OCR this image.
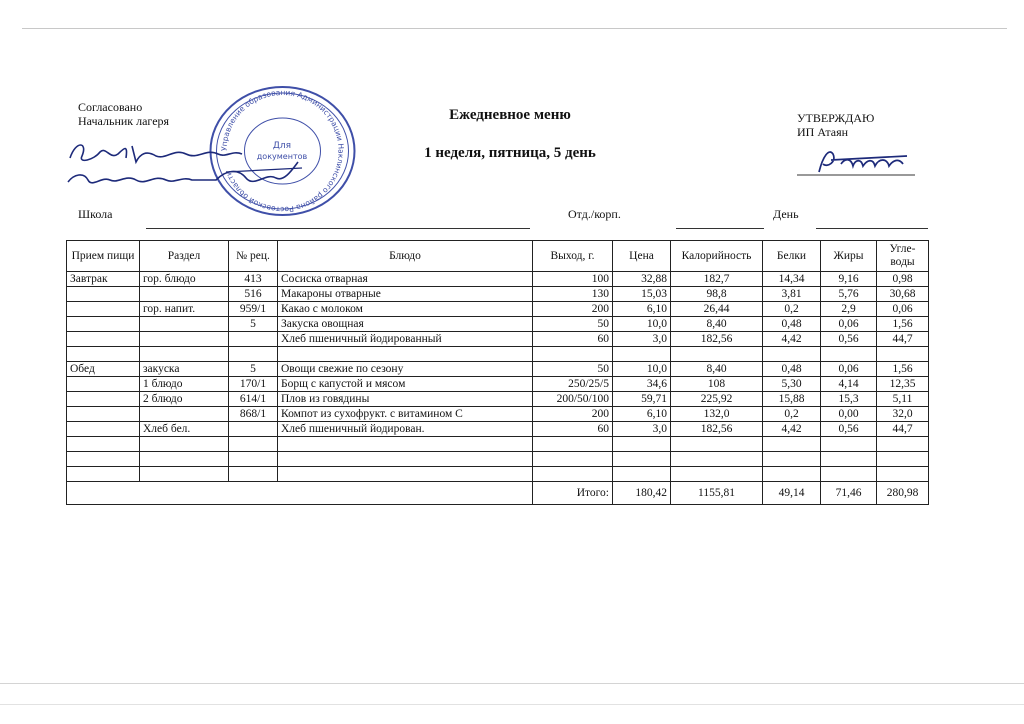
Согласовано
Начальник лагеря	Ежедневное меню
1 неделя, пятница, 5 день
УТВЕРЖДАЮ
ИП Атаян
Управление образования Администрации Наклинского района Ростовской области
Для
документов
Школа	Отд./корп.	День
Прием пищи	Раздел	№ рец.	Блюдо	Выход, г.	Цена	Калорийность	Белки	Жиры	Угле-воды
Завтрак	гор. блюдо	413	Сосиска отварная	100	32,88	182,7	14,34	9,16	0,98
		516	Макароны отварные	130	15,03	98,8	3,81	5,76	30,68
	гор. напит.	959/1	Какао с молоком	200	6,10	26,44	0,2	2,9	0,06
		5	Закуска овощная	50	10,0	8,40	0,48	0,06	1,56
			Хлеб пшеничный йодированный	60	3,0	182,56	4,42	0,56	44,7

Обед	закуска	5	Овощи свежие по сезону	50	10,0	8,40	0,48	0,06	1,56
	1 блюдо	170/1	Борщ с капустой и мясом	250/25/5	34,6	108	5,30	4,14	12,35
	2 блюдо	614/1	Плов из говядины	200/50/100	59,71	225,92	15,88	15,3	5,11
		868/1	Компот из сухофрукт. с витамином С	200	6,10	132,0	0,2	0,00	32,0
	Хлеб бел.		Хлеб пшеничный йодирован.	60	3,0	182,56	4,42	0,56	44,7

				Итого:	180,42	1155,81	49,14	71,46	280,98
